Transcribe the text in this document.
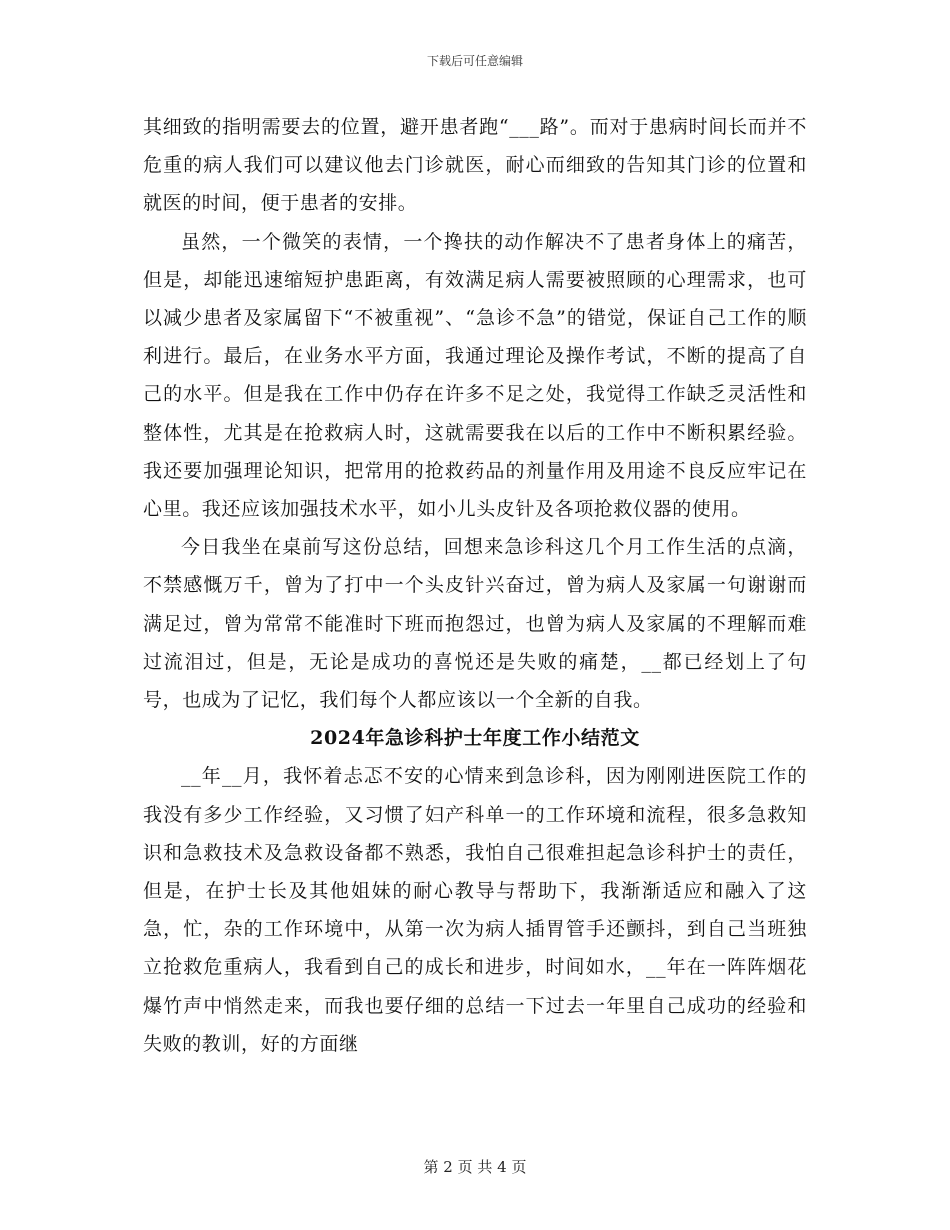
下载后可任意编辑

其细致的指明需要去的位置，避开患者跑“___路”。而对于患病时间长而并不危重的病人我们可以建议他去门诊就医，耐心而细致的告知其门诊的位置和就医的时间，便于患者的安排。

虽然，一个微笑的表情，一个搀扶的动作解决不了患者身体上的痛苦，但是，却能迅速缩短护患距离，有效满足病人需要被照顾的心理需求，也可以减少患者及家属留下“不被重视”、“急诊不急”的错觉，保证自己工作的顺利进行。最后，在业务水平方面，我通过理论及操作考试，不断的提高了自己的水平。但是我在工作中仍存在许多不足之处，我觉得工作缺乏灵活性和整体性，尤其是在抢救病人时，这就需要我在以后的工作中不断积累经验。我还要加强理论知识，把常用的抢救药品的剂量作用及用途不良反应牢记在心里。我还应该加强技术水平，如小儿头皮针及各项抢救仪器的使用。

今日我坐在桌前写这份总结，回想来急诊科这几个月工作生活的点滴，不禁感慨万千，曾为了打中一个头皮针兴奋过，曾为病人及家属一句谢谢而满足过，曾为常常不能准时下班而抱怨过，也曾为病人及家属的不理解而难过流泪过，但是，无论是成功的喜悦还是失败的痛楚，__都已经划上了句号，也成为了记忆，我们每个人都应该以一个全新的自我。

2024年急诊科护士年度工作小结范文

__年__月，我怀着忐忑不安的心情来到急诊科，因为刚刚进医院工作的我没有多少工作经验，又习惯了妇产科单一的工作环境和流程，很多急救知识和急救技术及急救设备都不熟悉，我怕自己很难担起急诊科护士的责任，但是，在护士长及其他姐妹的耐心教导与帮助下，我渐渐适应和融入了这急，忙，杂的工作环境中，从第一次为病人插胃管手还颤抖，到自己当班独立抢救危重病人，我看到自己的成长和进步，时间如水，__年在一阵阵烟花爆竹声中悄然走来，而我也要仔细的总结一下过去一年里自己成功的经验和失败的教训，好的方面继

第 2 页 共 4 页
